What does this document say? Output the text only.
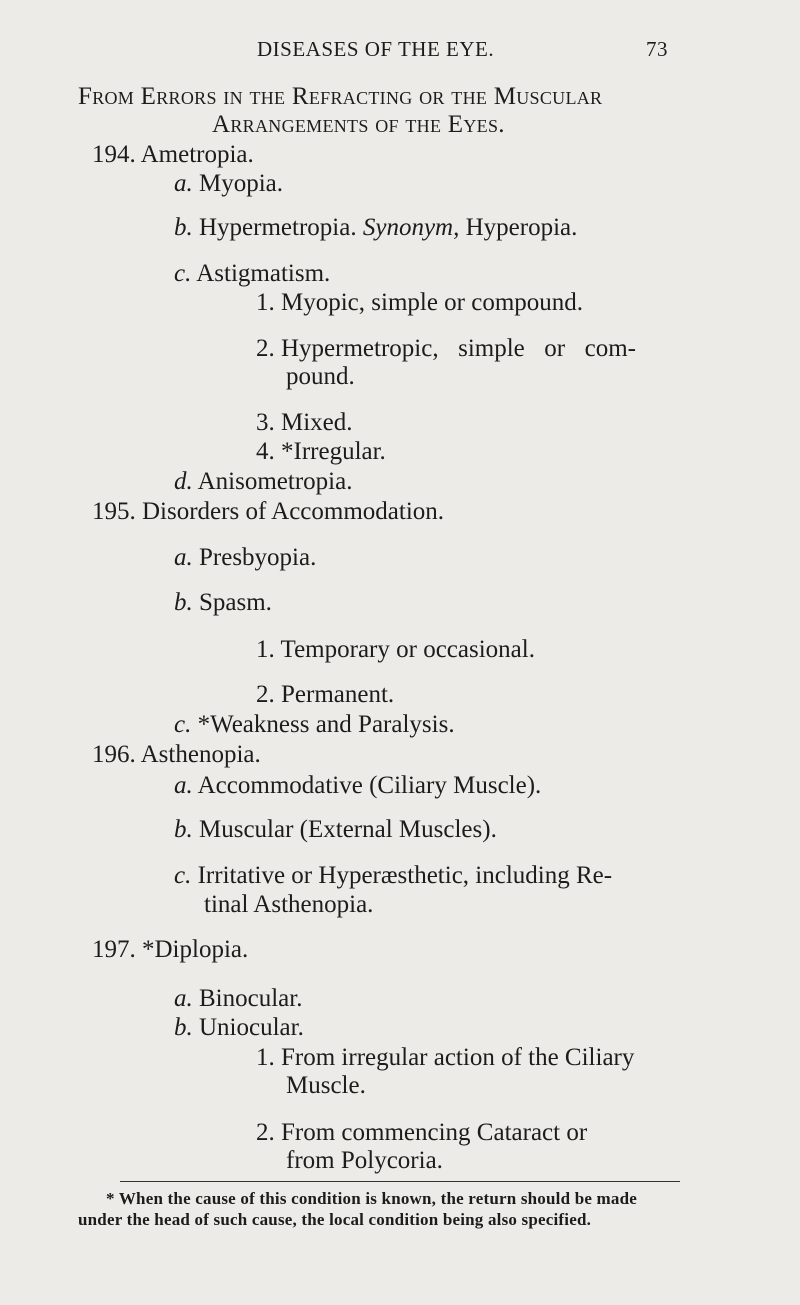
DISEASES OF THE EYE.	73
From Errors in the Refracting or the Muscular
Arrangements of the Eyes.
194. Ametropia.
a. Myopia.
b. Hypermetropia. Synonym, Hyperopia.
c. Astigmatism.
1. Myopic, simple or compound.
2. Hypermetropic, simple or com-
pound.
3. Mixed.
4. *Irregular.
d. Anisometropia.
195. Disorders of Accommodation.
a. Presbyopia.
b. Spasm.
1. Temporary or occasional.
2. Permanent.
c. *Weakness and Paralysis.
196. Asthenopia.
a. Accommodative (Ciliary Muscle).
b. Muscular (External Muscles).
c. Irritative or Hyperæsthetic, including Re-
tinal Asthenopia.
197. *Diplopia.
a. Binocular.
b. Uniocular.
1. From irregular action of the Ciliary
Muscle.
2. From commencing Cataract or
from Polycoria.
* When the cause of this condition is known, the return should be made
under the head of such cause, the local condition being also specified.
